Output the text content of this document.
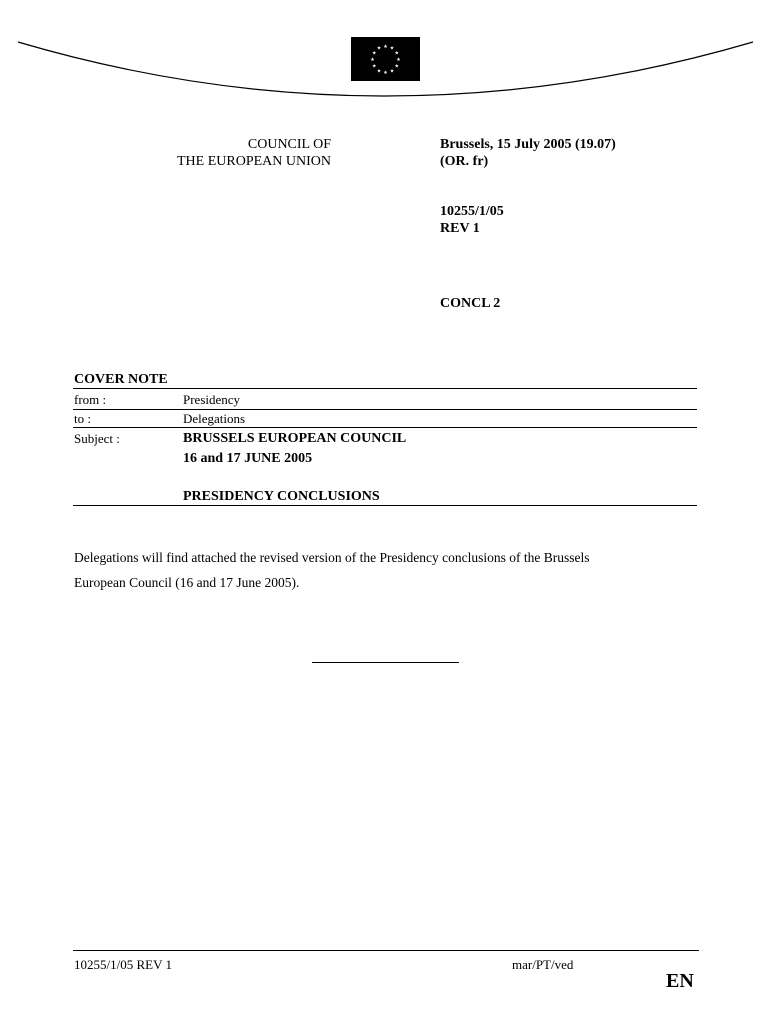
★ ★
★
★
★
★
★
★
★
★
★
★
COUNCIL OF
THE EUROPEAN UNION
Brussels, 15 July 2005 (19.07)
(OR. fr)
10255/1/05
REV 1
CONCL 2
COVER NOTE
from :	Presidency
to :	Delegations
Subject :	BRUSSELS EUROPEAN COUNCIL
16 and 17 JUNE 2005
PRESIDENCY CONCLUSIONS
Delegations will find attached the revised version of the Presidency conclusions of the Brussels
European Council (16 and 17 June 2005).
10255/1/05 REV 1	mar/PT/ved
EN
